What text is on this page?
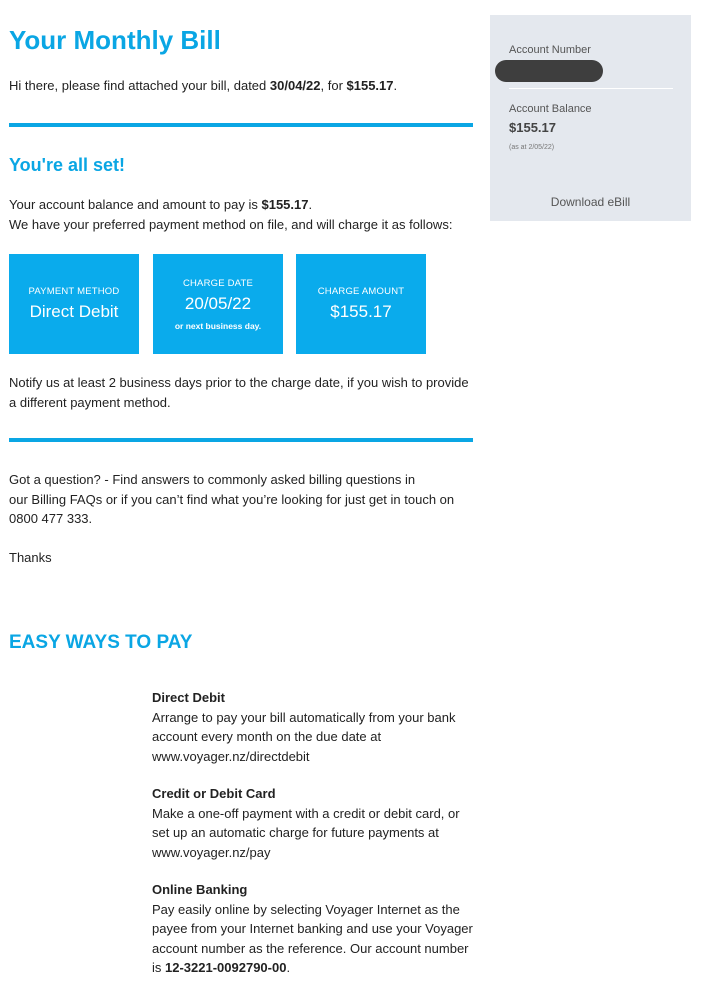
Your Monthly Bill
Hi there, please find attached your bill, dated 30/04/22, for $155.17.
You're all set!
Your account balance and amount to pay is $155.17.
We have your preferred payment method on file, and will charge it as follows:
PAYMENT METHOD
Direct Debit
CHARGE DATE
20/05/22
or next business day.
CHARGE AMOUNT
$155.17
Notify us at least 2 business days prior to the charge date, if you wish to provide a different payment method.
Got a question? - Find answers to commonly asked billing questions in
our Billing FAQs or if you can’t find what you’re looking for just get in touch on
0800 477 333.
Thanks
EASY WAYS TO PAY
Direct Debit
Arrange to pay your bill automatically from your bank
account every month on the due date at
www.voyager.nz/directdebit
Credit or Debit Card
Make a one-off payment with a credit or debit card, or
set up an automatic charge for future payments at
www.voyager.nz/pay
Online Banking
Pay easily online by selecting Voyager Internet as the
payee from your Internet banking and use your Voyager
account number as the reference. Our account number
is 12-3221-0092790-00.
Account Number
Account Balance
$155.17
(as at 2/05/22)
Download eBill
